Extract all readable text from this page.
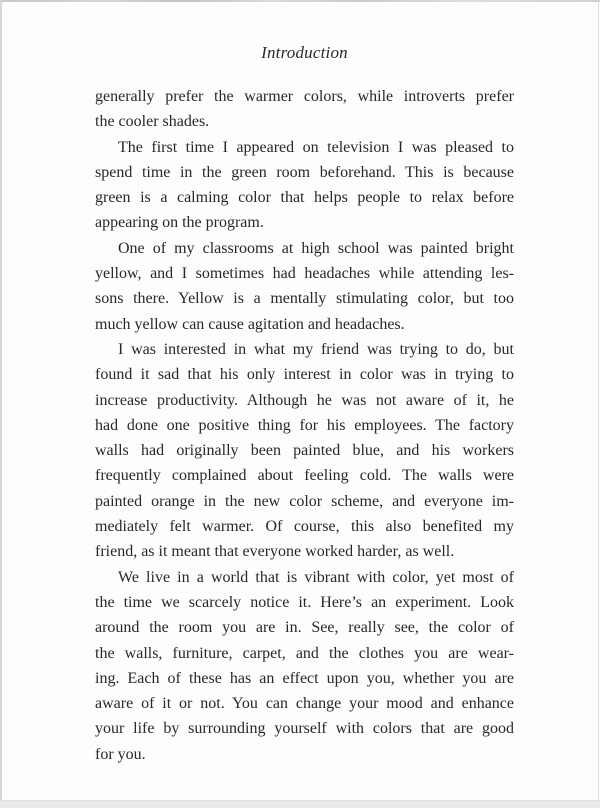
Introduction
generally prefer the warmer colors, while introverts prefer
the cooler shades.
The first time I appeared on television I was pleased to
spend time in the green room beforehand. This is because
green is a calming color that helps people to relax before
appearing on the program.
One of my classrooms at high school was painted bright
yellow, and I sometimes had headaches while attending les-
sons there. Yellow is a mentally stimulating color, but too
much yellow can cause agitation and headaches.
I was interested in what my friend was trying to do, but
found it sad that his only interest in color was in trying to
increase productivity. Although he was not aware of it, he
had done one positive thing for his employees. The factory
walls had originally been painted blue, and his workers
frequently complained about feeling cold. The walls were
painted orange in the new color scheme, and everyone im-
mediately felt warmer. Of course, this also benefited my
friend, as it meant that everyone worked harder, as well.
We live in a world that is vibrant with color, yet most of
the time we scarcely notice it. Here’s an experiment. Look
around the room you are in. See, really see, the color of
the walls, furniture, carpet, and the clothes you are wear-
ing. Each of these has an effect upon you, whether you are
aware of it or not. You can change your mood and enhance
your life by surrounding yourself with colors that are good
for you.
